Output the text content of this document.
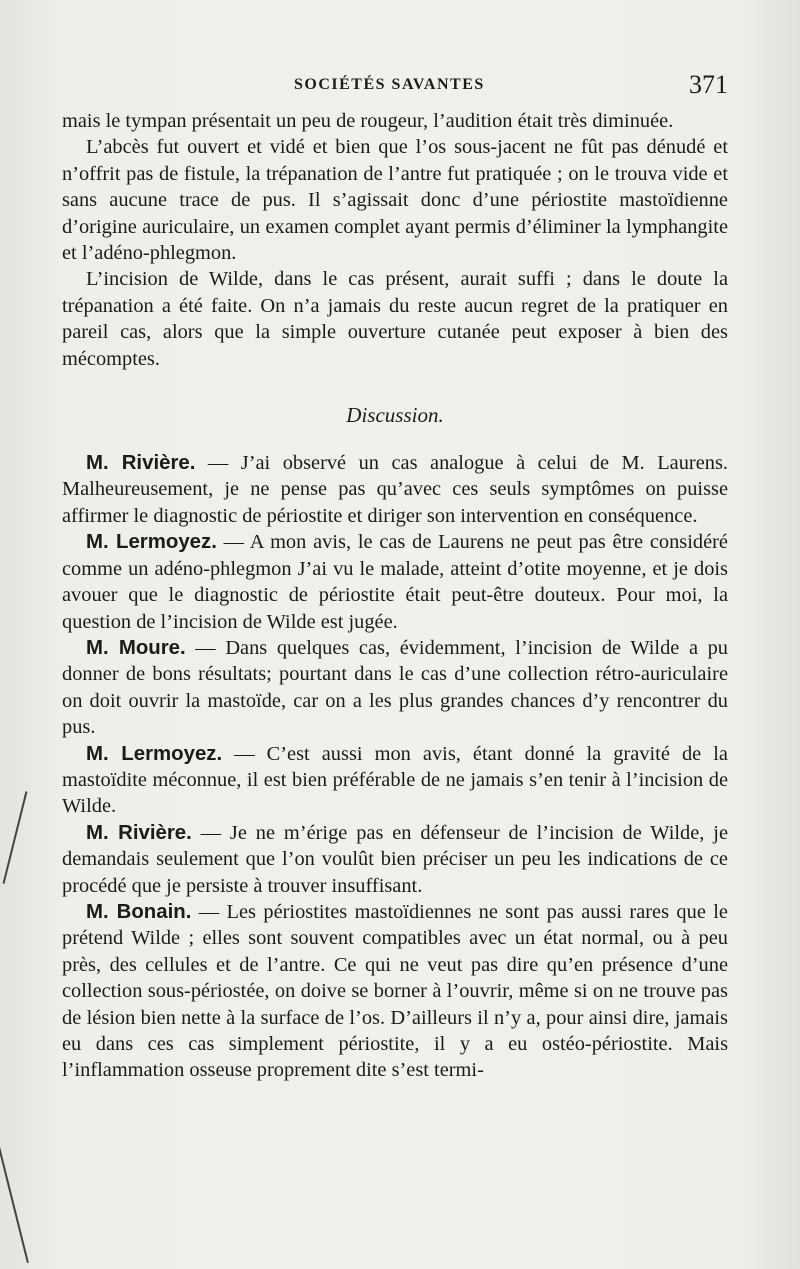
SOCIÉTÉS SAVANTES	371

mais le tympan présentait un peu de rougeur, l’audition était très diminuée.

L’abcès fut ouvert et vidé et bien que l’os sous-jacent ne fût pas dénudé et n’offrit pas de fistule, la trépanation de l’antre fut pratiquée ; on le trouva vide et sans aucune trace de pus. Il s’agissait donc d’une périostite mastoïdienne d’origine auriculaire, un examen complet ayant permis d’éliminer la lymphangite et l’adéno-phlegmon.

L’incision de Wilde, dans le cas présent, aurait suffi ; dans le doute la trépanation a été faite. On n’a jamais du reste aucun regret de la pratiquer en pareil cas, alors que la simple ouverture cutanée peut exposer à bien des mécomptes.

Discussion.

M. Rivière. — J’ai observé un cas analogue à celui de M. Laurens. Malheureusement, je ne pense pas qu’avec ces seuls symptômes on puisse affirmer le diagnostic de périostite et diriger son intervention en conséquence.

M. Lermoyez. — A mon avis, le cas de Laurens ne peut pas être considéré comme un adéno-phlegmon J’ai vu le malade, atteint d’otite moyenne, et je dois avouer que le diagnostic de périostite était peut-être douteux. Pour moi, la question de l’incision de Wilde est jugée.

M. Moure. — Dans quelques cas, évidemment, l’incision de Wilde a pu donner de bons résultats; pourtant dans le cas d’une collection rétro-auriculaire on doit ouvrir la mastoïde, car on a les plus grandes chances d’y rencontrer du pus.

M. Lermoyez. — C’est aussi mon avis, étant donné la gravité de la mastoïdite méconnue, il est bien préférable de ne jamais s’en tenir à l’incision de Wilde.

M. Rivière. — Je ne m’érige pas en défenseur de l’incision de Wilde, je demandais seulement que l’on voulût bien préciser un peu les indications de ce procédé que je persiste à trouver insuffisant.

M. Bonain. — Les périostites mastoïdiennes ne sont pas aussi rares que le prétend Wilde ; elles sont souvent compatibles avec un état normal, ou à peu près, des cellules et de l’antre. Ce qui ne veut pas dire qu’en présence d’une collection sous-périostée, on doive se borner à l’ouvrir, même si on ne trouve pas de lésion bien nette à la surface de l’os. D’ailleurs il n’y a, pour ainsi dire, jamais eu dans ces cas simplement périostite, il y a eu ostéo-périostite. Mais l’inflammation osseuse proprement dite s’est termi-
